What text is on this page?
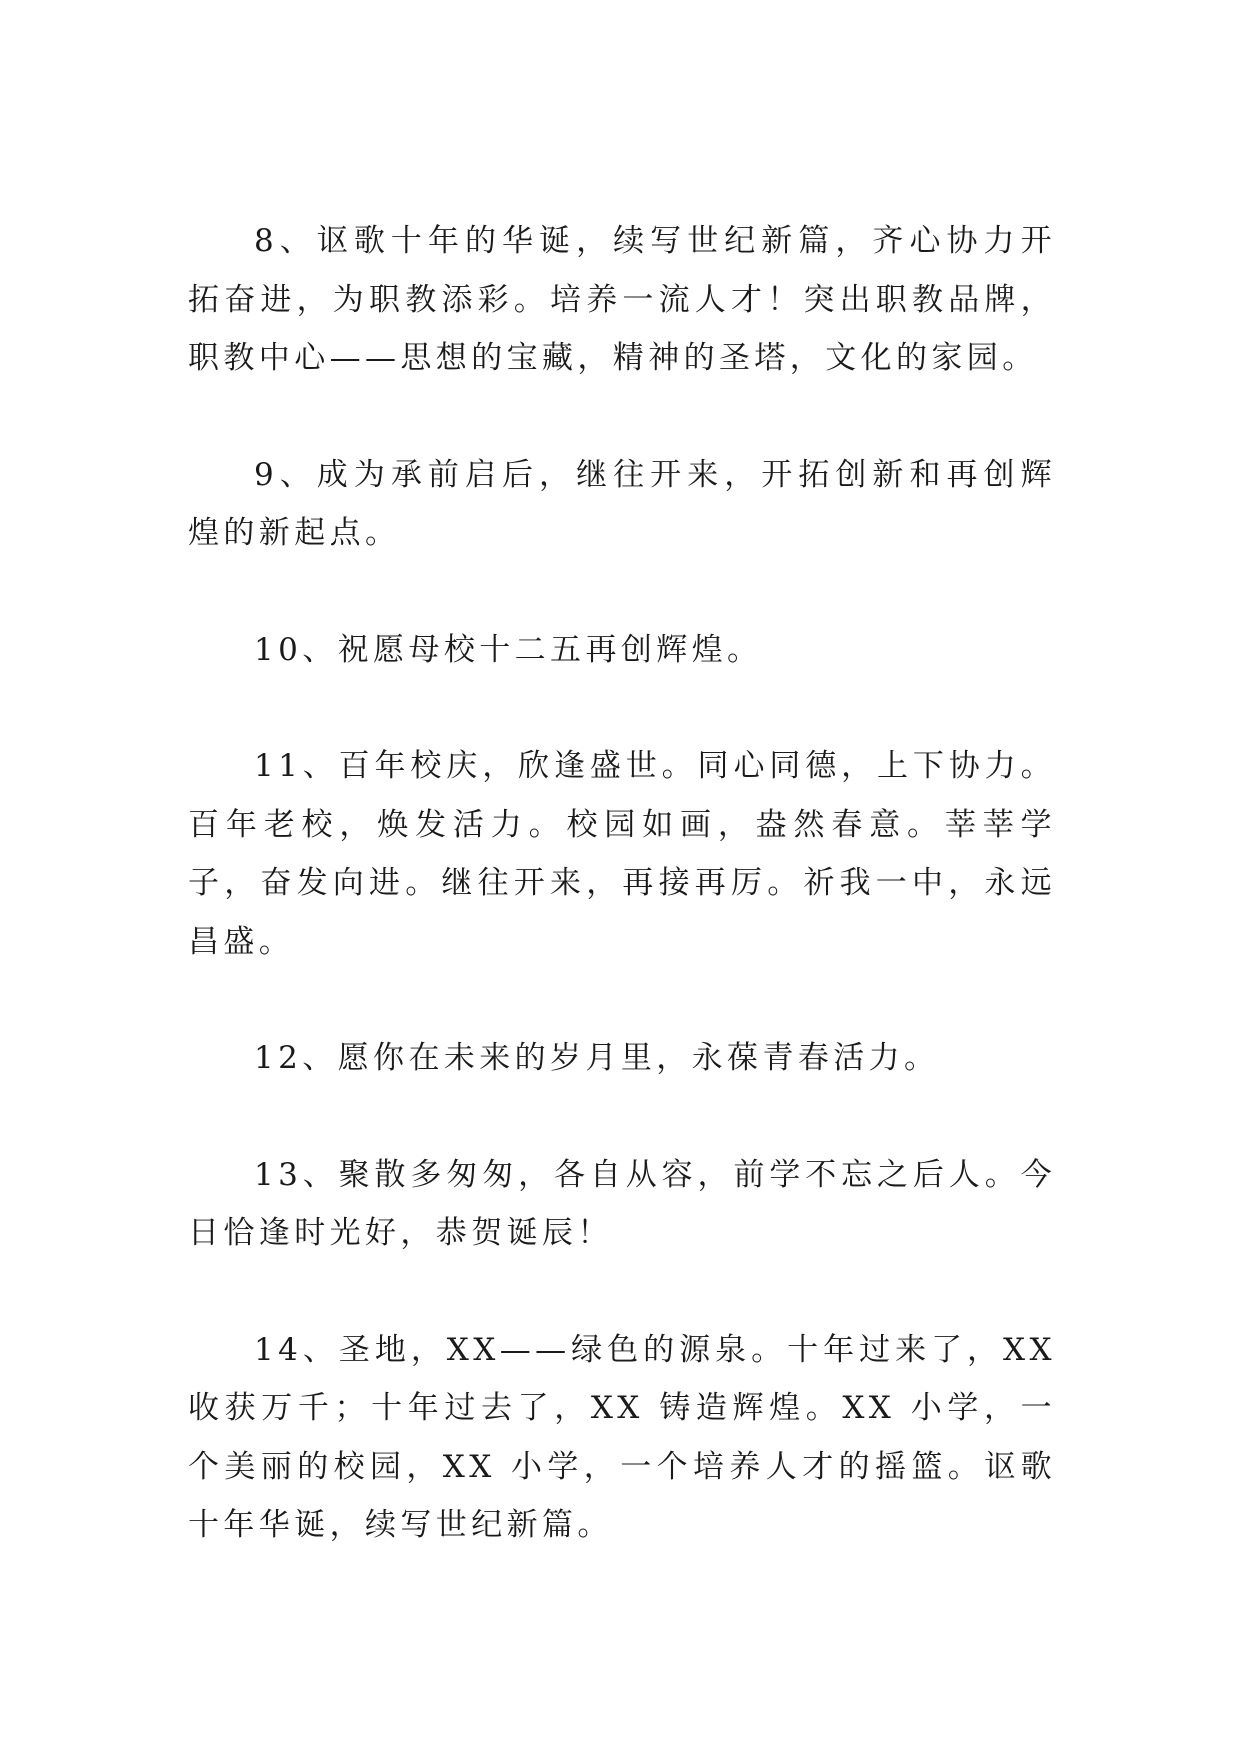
8、讴歌十年的华诞，续写世纪新篇，齐心协力开拓奋进，为职教添彩。培养一流人才！突出职教品牌，职教中心——思想的宝藏，精神的圣塔，文化的家园。

9、成为承前启后，继往开来，开拓创新和再创辉煌的新起点。

10、祝愿母校十二五再创辉煌。

11、百年校庆，欣逢盛世。同心同德，上下协力。百年老校，焕发活力。校园如画，盎然春意。莘莘学子，奋发向进。继往开来，再接再厉。祈我一中，永远昌盛。

12、愿你在未来的岁月里，永葆青春活力。

13、聚散多匆匆，各自从容，前学不忘之后人。今日恰逢时光好，恭贺诞辰！

14、圣地，XX——绿色的源泉。十年过来了，XX 收获万千；十年过去了，XX 铸造辉煌。XX 小学，一个美丽的校园，XX 小学，一个培养人才的摇篮。讴歌十年华诞，续写世纪新篇。
